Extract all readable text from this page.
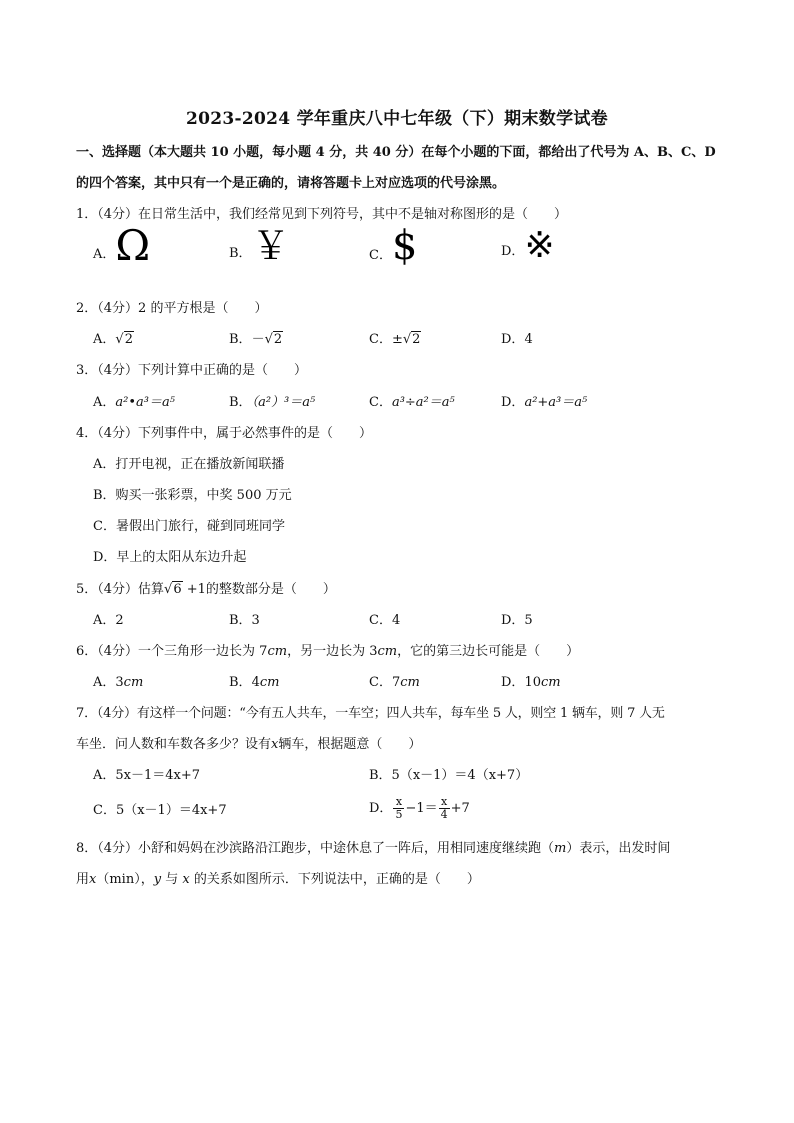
2023-2024 学年重庆八中七年级（下）期末数学试卷
一、选择题（本大题共 10 小题，每小题 4 分，共 40 分）在每个小题的下面，都给出了代号为 A、B、C、D
的四个答案，其中只有一个是正确的，请将答题卡上对应选项的代号涂黑。
1．（4分）在日常生活中，我们经常见到下列符号，其中不是轴对称图形的是（　　）
A．Ω	B．￥	C．$	D．※
2．（4分）2 的平方根是（　　）
A．√2	B．－√2	C．±√2	D．4
3．（4分）下列计算中正确的是（　　）
A．a²•a³＝a⁵	B．（a²）³＝a⁵	C．a³÷a²＝a⁵	D．a²+a³＝a⁵
4．（4分）下列事件中，属于必然事件的是（　　）
A．打开电视，正在播放新闻联播
B．购买一张彩票，中奖 500 万元
C．暑假出门旅行，碰到同班同学
D．早上的太阳从东边升起
5．（4分）估算√6 +1的整数部分是（　　）
A．2	B．3	C．4	D．5
6．（4分）一个三角形一边长为 7cm，另一边长为 3cm，它的第三边长可能是（　　）
A．3cm	B．4cm	C．7cm	D．10cm
7．（4分）有这样一个问题：“今有五人共车，一车空；四人共车，每车坐 5 人，则空 1 辆车，则 7 人无
车坐．问人数和车数各多少？设有x辆车，根据题意（　　）
A．5x－1＝4x+7	B．5（x－1）＝4（x+7）
C．5（x－1）＝4x+7	D． $\frac{x}{5} -1= \frac{x}{4} +7$
8．（4分）小舒和妈妈在沙滨路沿江跑步，中途休息了一阵后，用相同速度继续跑（m）表示，出发时间
用x（min），y 与 x 的关系如图所示．下列说法中，正确的是（　　）
